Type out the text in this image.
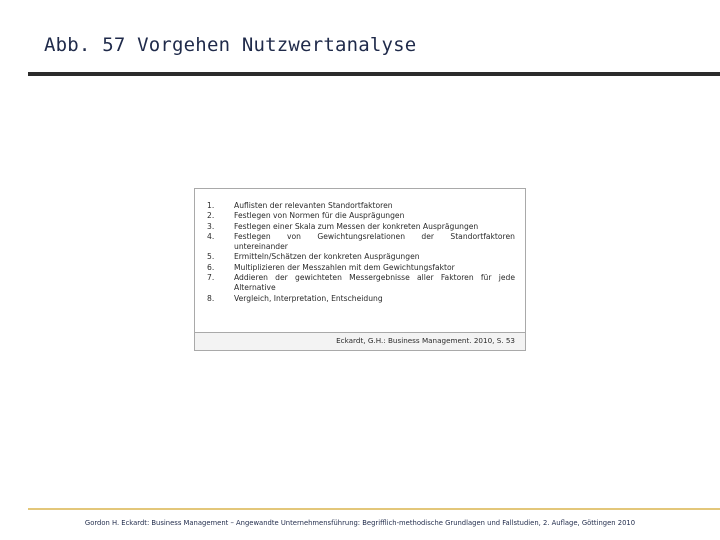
Abb. 57 Vorgehen Nutzwertanalyse
1.	Auflisten der relevanten Standortfaktoren
2.	Festlegen von Normen für die Ausprägungen
3.	Festlegen einer Skala zum Messen der konkreten Ausprägungen
4.	Festlegen von Gewichtungsrelationen der Standortfaktoren untereinander
5.	Ermitteln/Schätzen der konkreten Ausprägungen
6.	Multiplizieren der Messzahlen mit dem Gewichtungsfaktor
7.	Addieren der gewichteten Messergebnisse aller Faktoren für jede Alternative
8.	Vergleich, Interpretation, Entscheidung
Eckardt, G.H.: Business Management. 2010, S. 53
Gordon H. Eckardt: Business Management – Angewandte Unternehmensführung: Begrifflich-methodische Grundlagen und Fallstudien, 2. Auflage, Göttingen 2010
